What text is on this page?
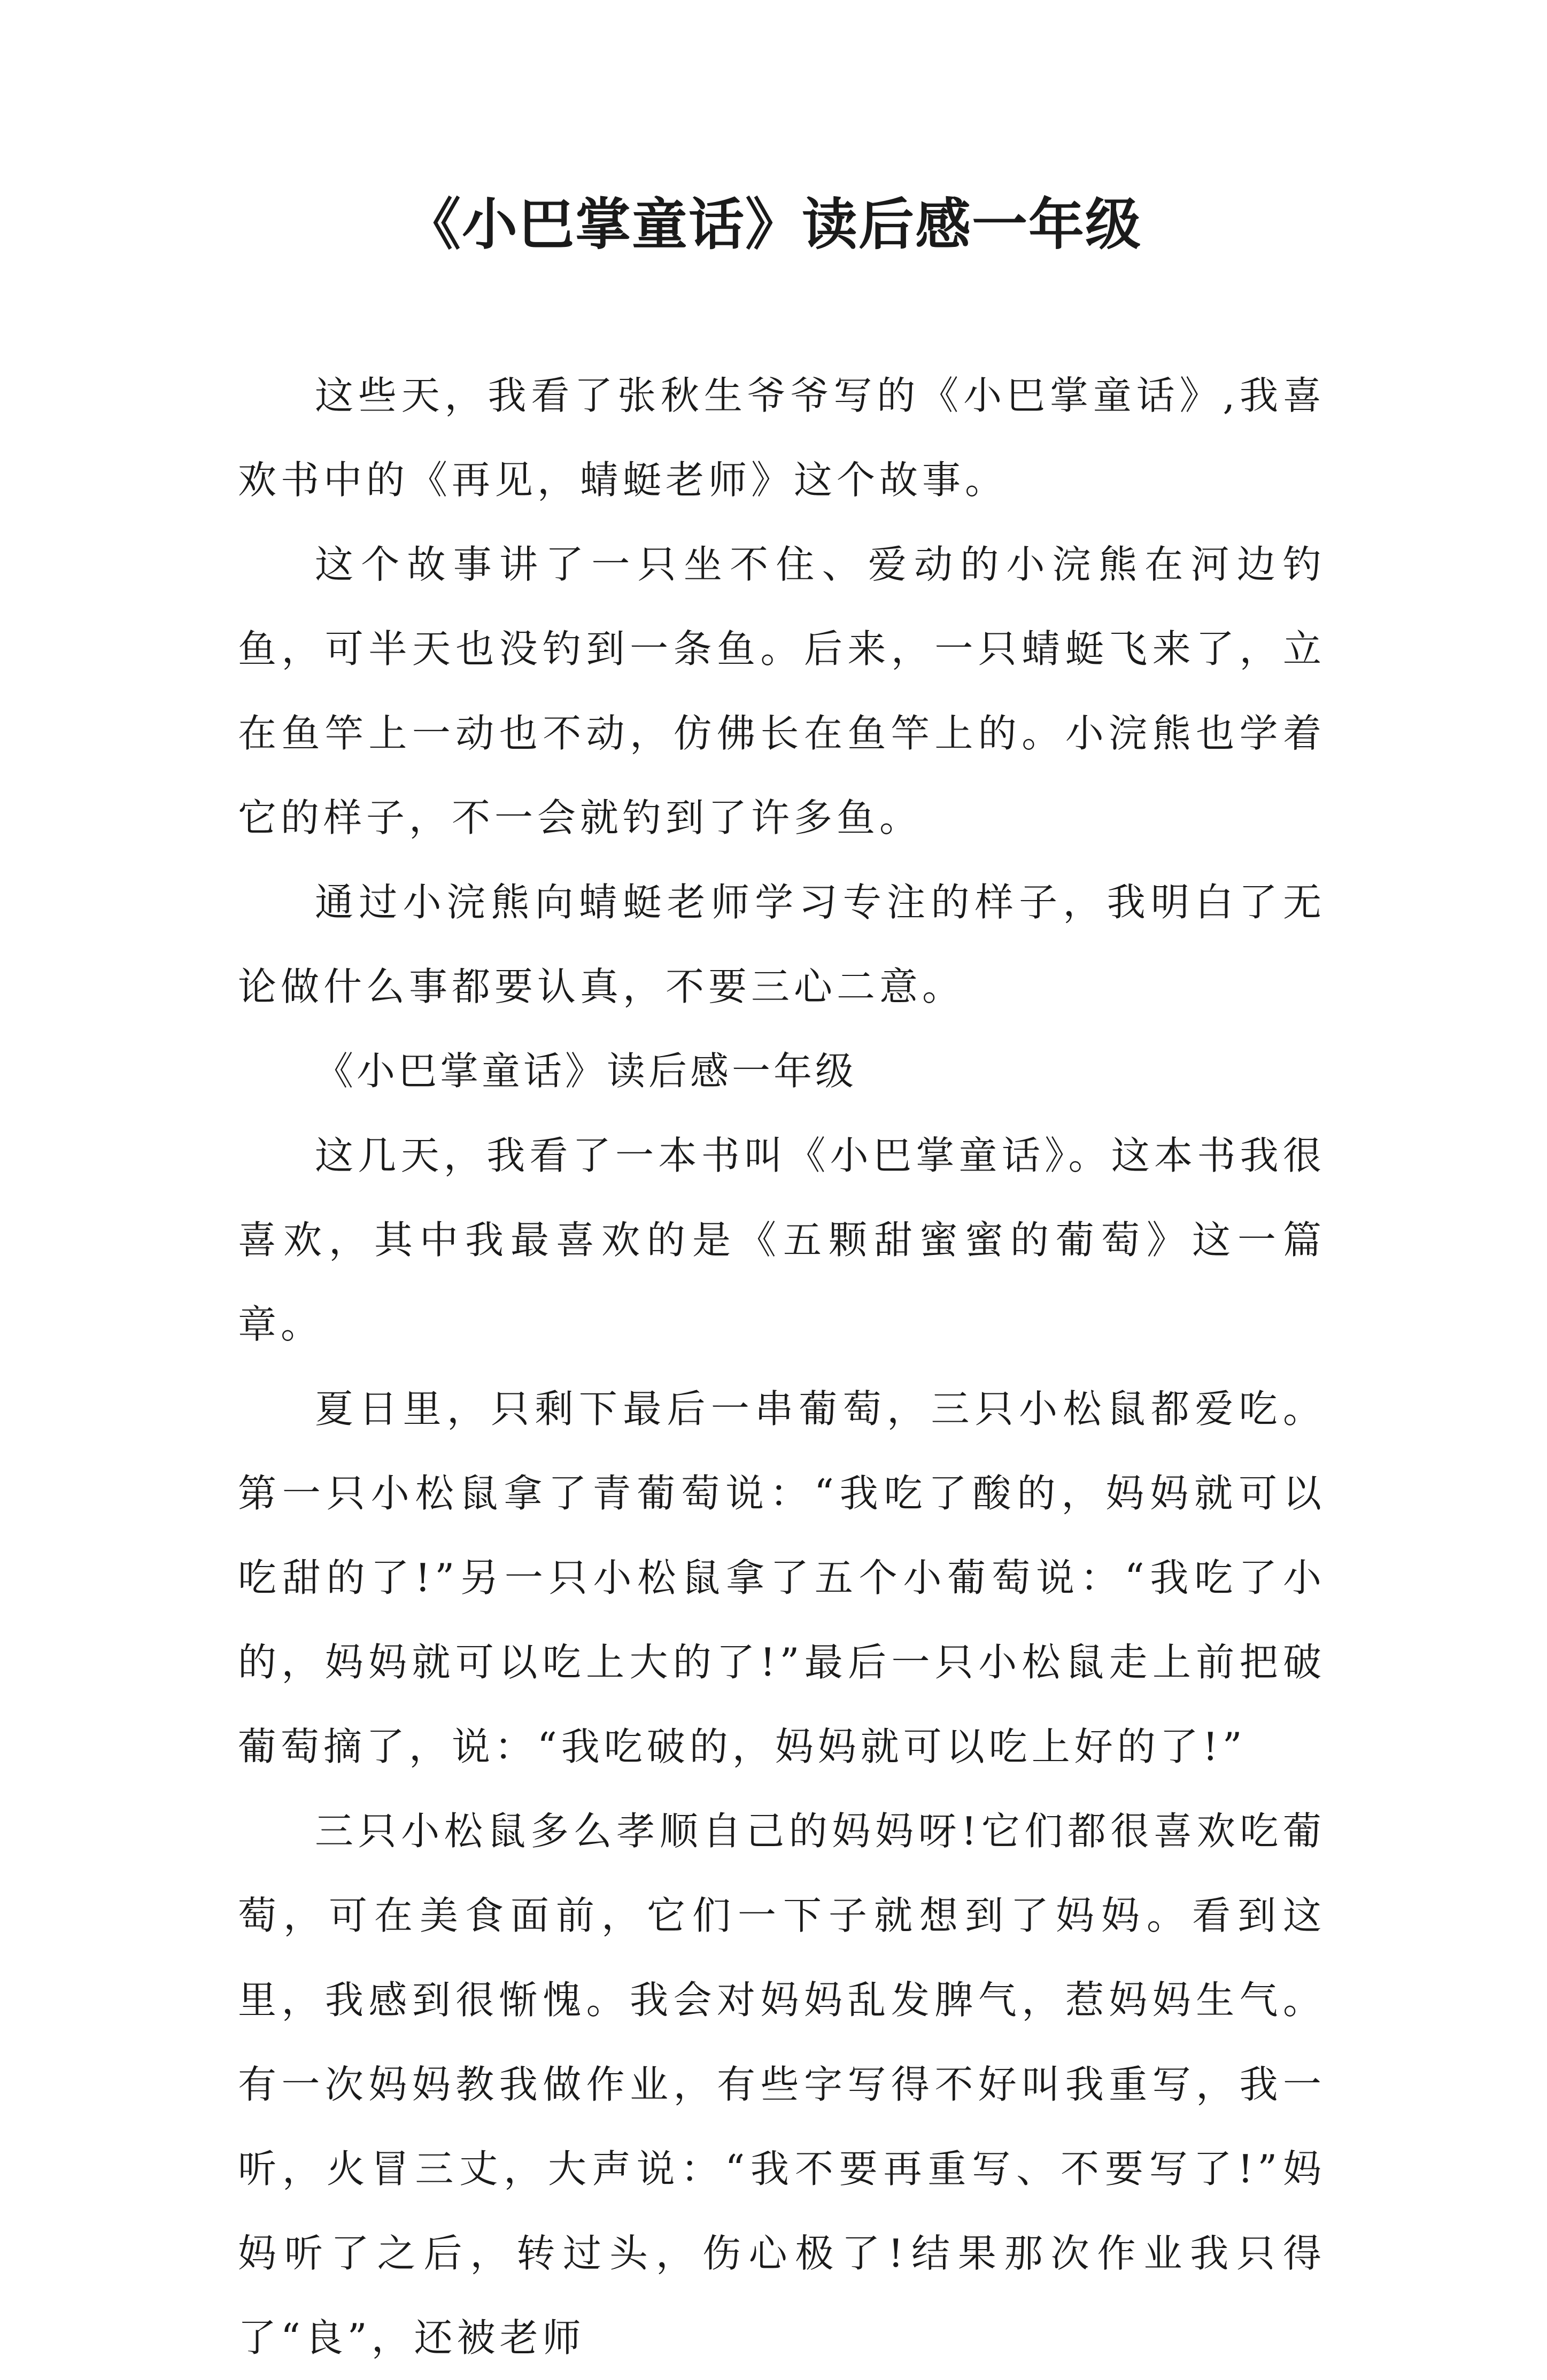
《小巴掌童话》读后感一年级

这些天，我看了张秋生爷爷写的《小巴掌童话》,我喜欢书中的《再见，蜻蜓老师》这个故事。

这个故事讲了一只坐不住、爱动的小浣熊在河边钓鱼，可半天也没钓到一条鱼。后来，一只蜻蜓飞来了，立在鱼竿上一动也不动，仿佛长在鱼竿上的。小浣熊也学着它的样子，不一会就钓到了许多鱼。

通过小浣熊向蜻蜓老师学习专注的样子，我明白了无论做什么事都要认真，不要三心二意。

《小巴掌童话》读后感一年级

这几天，我看了一本书叫《小巴掌童话》。这本书我很喜欢，其中我最喜欢的是《五颗甜蜜蜜的葡萄》这一篇章。

夏日里，只剩下最后一串葡萄，三只小松鼠都爱吃。第一只小松鼠拿了青葡萄说：“我吃了酸的，妈妈就可以吃甜的了!”另一只小松鼠拿了五个小葡萄说：“我吃了小的，妈妈就可以吃上大的了!”最后一只小松鼠走上前把破葡萄摘了，说：“我吃破的，妈妈就可以吃上好的了!”

三只小松鼠多么孝顺自己的妈妈呀!它们都很喜欢吃葡萄，可在美食面前，它们一下子就想到了妈妈。看到这里，我感到很惭愧。我会对妈妈乱发脾气，惹妈妈生气。有一次妈妈教我做作业，有些字写得不好叫我重写，我一听，火冒三丈，大声说：“我不要再重写、不要写了!”妈妈听了之后，转过头，伤心极了!结果那次作业我只得了“良”，还被老师
